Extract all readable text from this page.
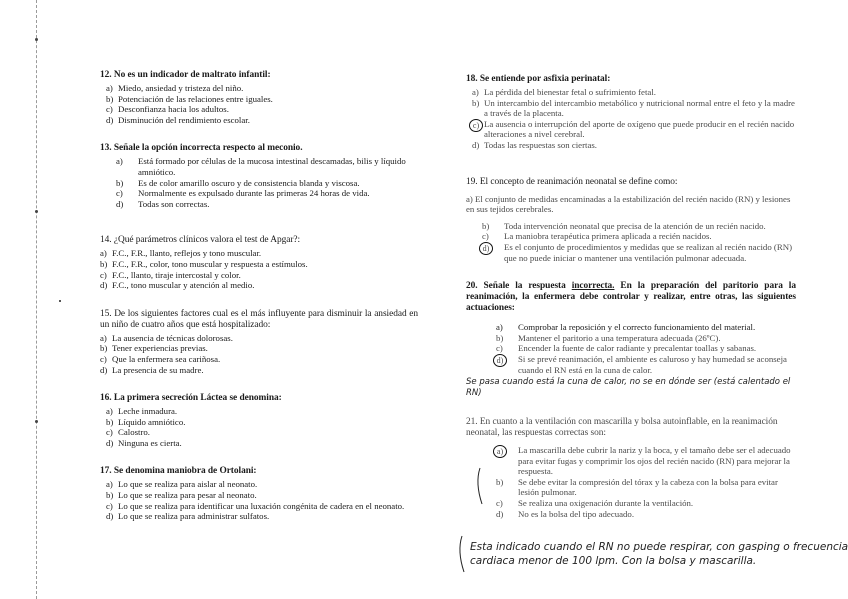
12. No es un indicador de maltrato infantil:

a) Miedo, ansiedad y tristeza del niño.
b) Potenciación de las relaciones entre iguales.
c) Desconfianza hacia los adultos.
d) Disminución del rendimiento escolar.

13. Señale la opción incorrecta respecto al meconio.

a)	Está formado por células de la mucosa intestinal descamadas, bilis y líquido amniótico.
b)	Es de color amarillo oscuro y de consistencia blanda y viscosa.
c)	Normalmente es expulsado durante las primeras 24 horas de vida.
d)	Todas son correctas.

14. ¿Qué parámetros clínicos valora el test de Apgar?:

a) F.C., F.R., llanto, reflejos y tono muscular.
b) F.C., F.R., color, tono muscular y respuesta a estímulos.
c) F.C., llanto, tiraje intercostal y color.
d) F.C., tono muscular y atención al medio.

15. De los siguientes factores cual es el más influyente para disminuir la ansiedad en un niño de cuatro años que está hospitalizado:

a) La ausencia de técnicas dolorosas.
b) Tener experiencias previas.
c) Que la enfermera sea cariñosa.
d) La presencia de su madre.

16. La primera secreción Láctea se denomina:

a) Leche inmadura.
b) Líquido amniótico.
c) Calostro.
d) Ninguna es cierta.

17. Se denomina maniobra de Ortolani:

a) Lo que se realiza para aislar al neonato.
b) Lo que se realiza para pesar al neonato.
c) Lo que se realiza para identificar una luxación congénita de cadera en el neonato.
d) Lo que se realiza para administrar sulfatos.

18. Se entiende por asfixia perinatal:

a) La pérdida del bienestar fetal o sufrimiento fetal.
b) Un intercambio del intercambio metabólico y nutricional normal entre el feto y la madre a través de la placenta.
c) La ausencia o interrupción del aporte de oxígeno que puede producir en el recién nacido alteraciones a nivel cerebral.
d) Todas las respuestas son ciertas.

19. El concepto de reanimación neonatal se define como:

a) El conjunto de medidas encaminadas a la estabilización del recién nacido (RN) y lesiones en sus tejidos cerebrales.

b)	Toda intervención neonatal que precisa de la atención de un recién nacido.
c)	La maniobra terapéutica primera aplicada a recién nacidos.
d)	Es el conjunto de procedimientos y medidas que se realizan al recién nacido (RN) que no puede iniciar o mantener una ventilación pulmonar adecuada.

20. Señale la respuesta incorrecta. En la preparación del paritorio para la reanimación, la enfermera debe controlar y realizar, entre otras, las siguientes actuaciones:

a)	Comprobar la reposición y el correcto funcionamiento del material.
b)	Mantener el paritorio a una temperatura adecuada (26ºC).
c)	Encender la fuente de calor radiante y precalentar toallas y sabanas.
d)	Si se prevé reanimación, el ambiente es caluroso y hay humedad se aconseja cuando el RN está en la cuna de calor.
Se pasa cuando está la cuna de calor, no se en dónde ser (está calentado el RN)

21. En cuanto a la ventilación con mascarilla y bolsa autoinflable, en la reanimación neonatal, las respuestas correctas son:

a)	La mascarilla debe cubrir la nariz y la boca, y el tamaño debe ser el adecuado para evitar fugas y comprimir los ojos del recién nacido (RN) para mejorar la respuesta.
b)	Se debe evitar la compresión del tórax y la cabeza con la bolsa para evitar lesión pulmonar.
c)	Se realiza una oxigenación durante la ventilación.
d)	No es la bolsa del tipo adecuado.
Esta indicado cuando el RN no puede respirar, con gasping o frecuencia cardiaca menor de 100 lpm. Con la bolsa y mascarilla.
